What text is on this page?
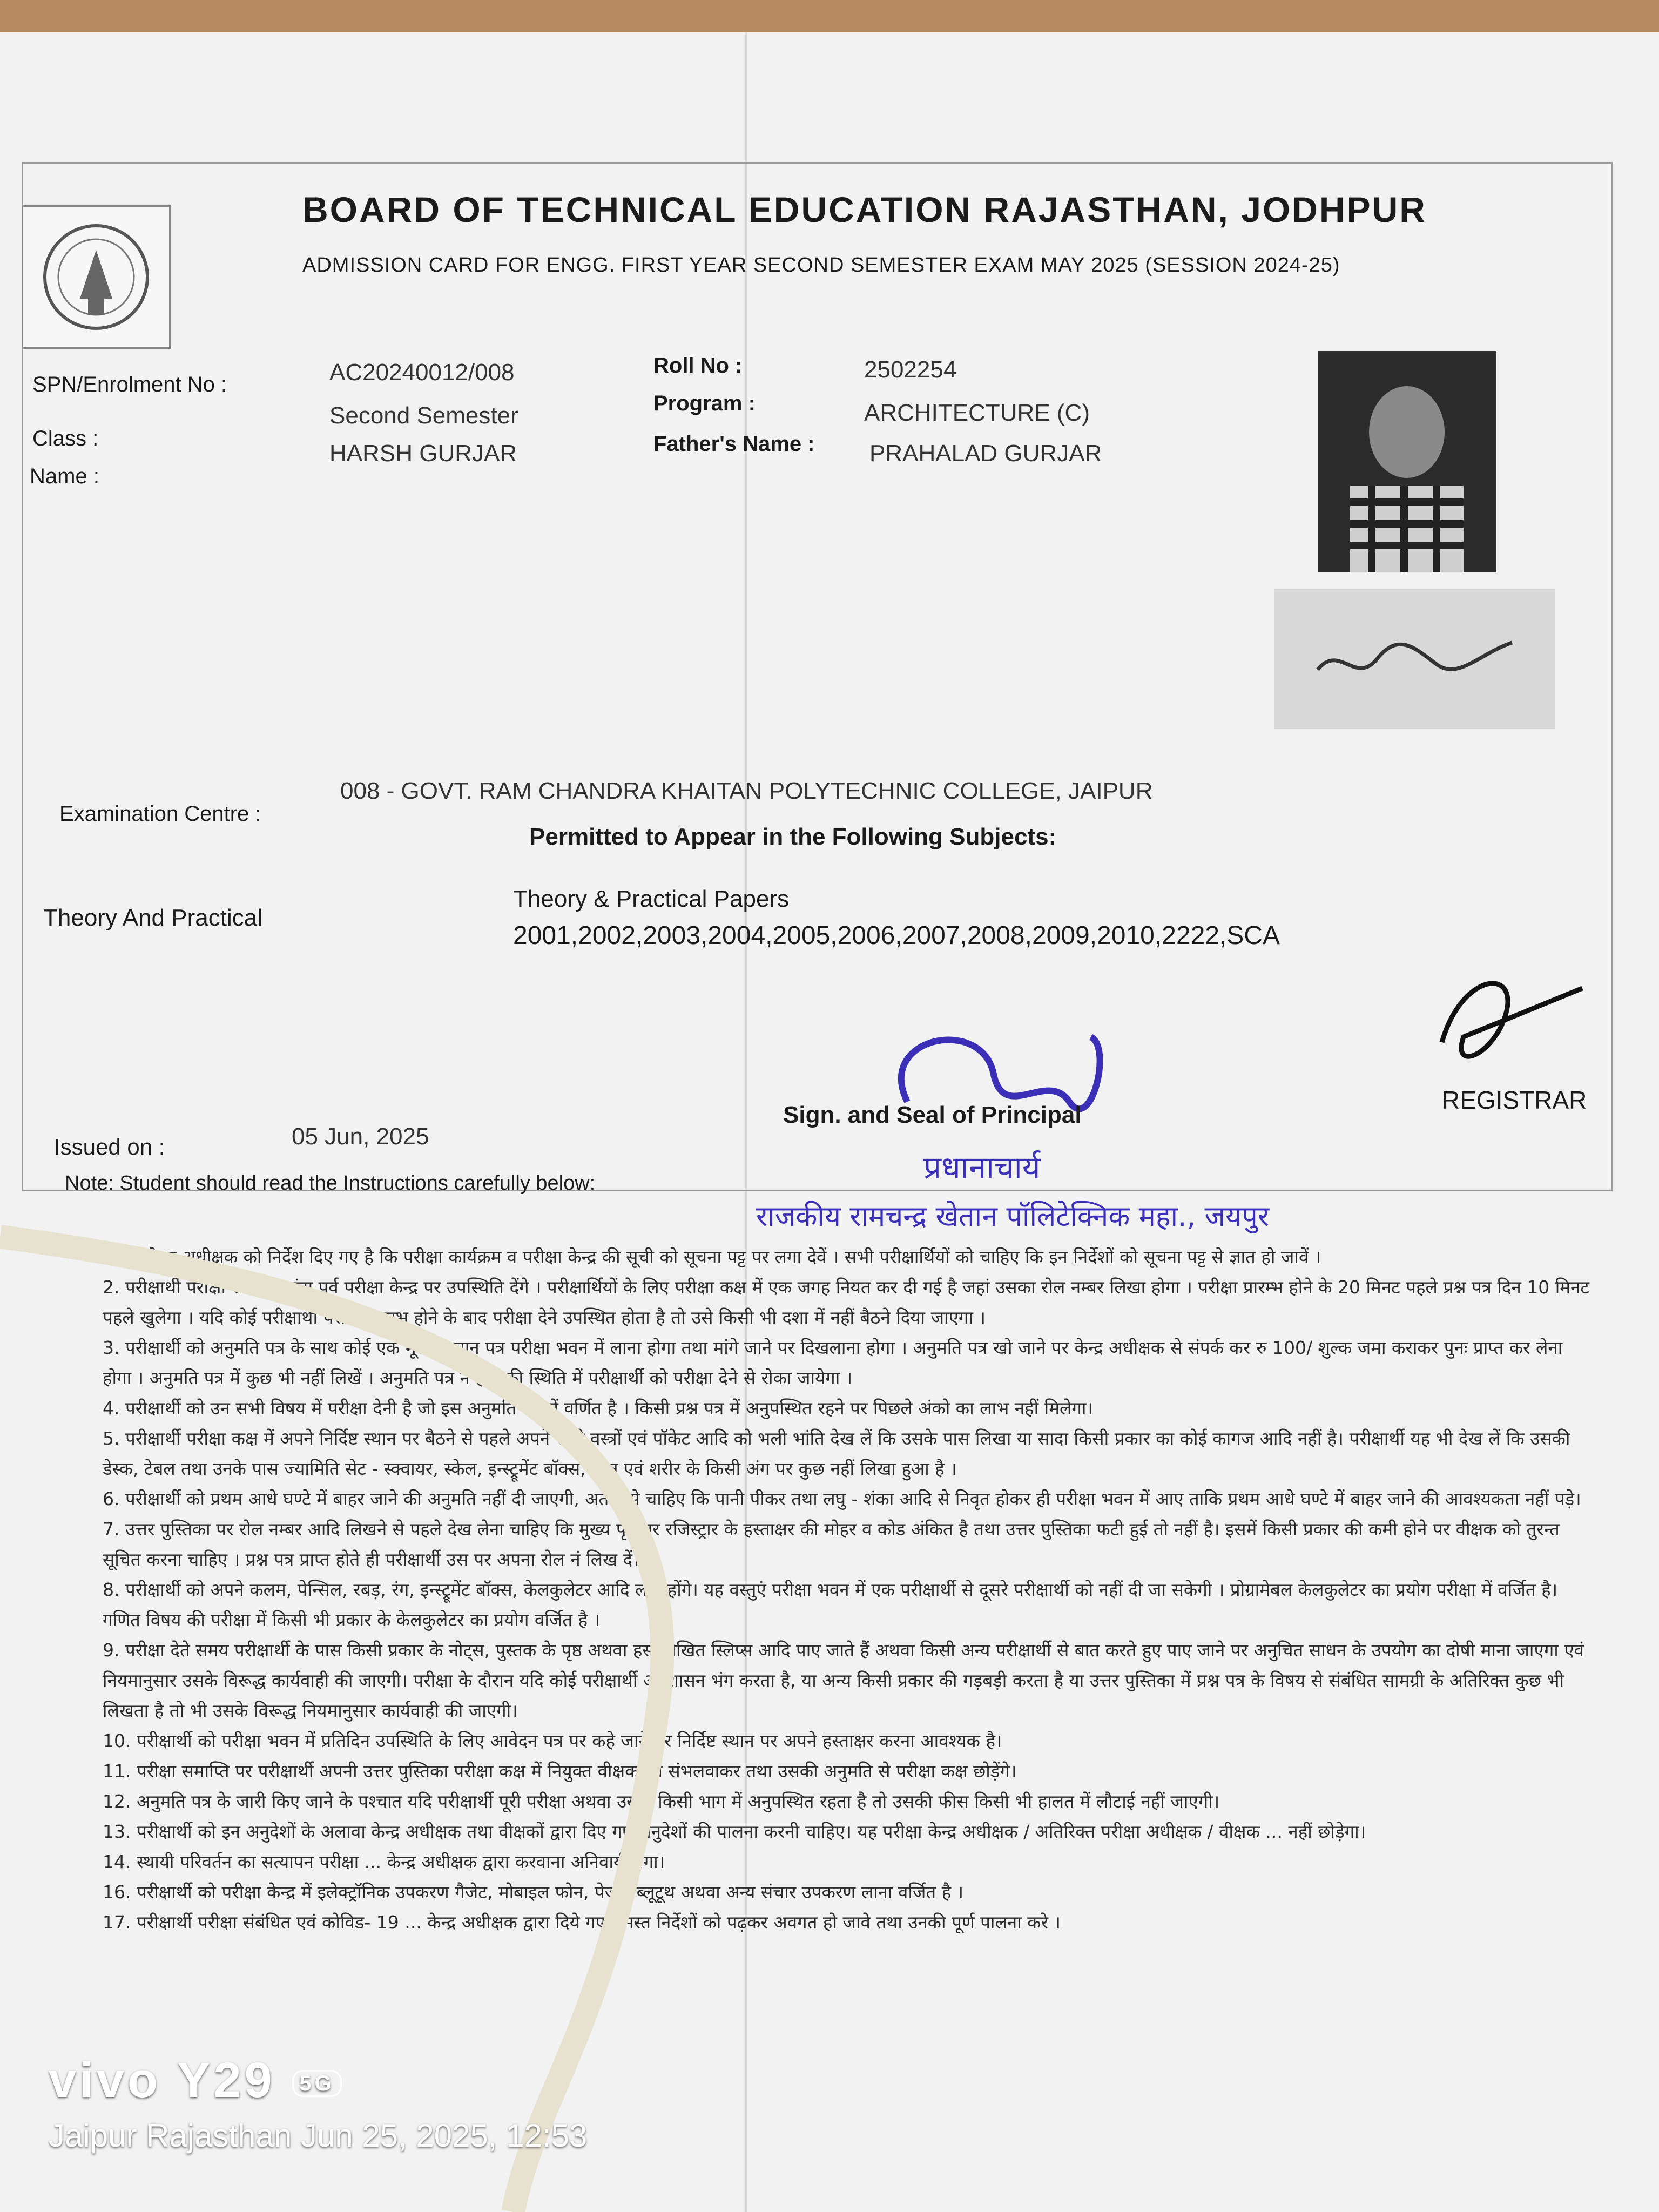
BOARD OF TECHNICAL EDUCATION RAJASTHAN, JODHPUR
ADMISSION CARD FOR ENGG. FIRST YEAR SECOND SEMESTER EXAM MAY 2025 (SESSION 2024-25)
SPN/Enrolment No :	AC20240012/008
Class :
Second Semester
Name :
HARSH GURJAR
Roll No :	2502254
Program :	ARCHITECTURE (C)
Father's Name : PRAHALAD GURJAR
Examination Centre :
008 - GOVT. RAM CHANDRA KHAITAN POLYTECHNIC COLLEGE, JAIPUR
Permitted to Appear in the Following Subjects:
Theory And Practical
Theory & Practical Papers
2001,2002,2003,2004,2005,2006,2007,2008,2009,2010,2222,SCA
Issued on :	05 Jun, 2025
Sign. and Seal of Principal
प्रधानाचार्य
राजकीय रामचन्द्र खेतान पॉलिटेक्निक महा., जयपुर
REGISTRAR
Note: Student should read the Instructions carefully below:

परीक्षा केन्द्र अधीक्षक को निर्देश दिए गए है कि परीक्षा कार्यक्रम व परीक्षा केन्द्र की सूची को सूचना पट्ट पर लगा देवें । सभी परीक्षार्थियों को चाहिए कि इन निर्देशों को सूचना पट्ट से ज्ञात हो जावें ।

2. परीक्षार्थी परीक्षा से आधा घंटा पूर्व परीक्षा केन्द्र पर उपस्थिति देंगे । परीक्षार्थियों के लिए परीक्षा कक्ष में एक जगह नियत कर दी गई है जहां उसका रोल नम्बर लिखा होगा । परीक्षा प्रारम्भ होने के 20 मिनट पहले प्रश्न पत्र दिन 10 मिनट पहले खुलेगा । यदि कोई परीक्षार्थी परीक्षा प्रारम्भ होने के बाद परीक्षा देने उपस्थित होता है तो उसे किसी भी दशा में नहीं बैठने दिया जाएगा ।

3. परीक्षार्थी को अनुमति पत्र के साथ कोई एक मूल पहचान पत्र परीक्षा भवन में लाना होगा तथा मांगे जाने पर दिखलाना होगा । अनुमति पत्र खो जाने पर केन्द्र अधीक्षक से संपर्क कर रु 100/ शुल्क जमा कराकर पुनः प्राप्त कर लेना होगा । अनुमति पत्र में कुछ भी नहीं लिखें । अनुमति पत्र न होने की स्थिति में परीक्षार्थी को परीक्षा देने से रोका जायेगा ।

4. परीक्षार्थी को उन सभी विषय में परीक्षा देनी है जो इस अनुमति पत्र में वर्णित है । किसी प्रश्न पत्र में अनुपस्थित रहने पर पिछले अंको का लाभ नहीं मिलेगा।

5. परीक्षार्थी परीक्षा कक्ष में अपने निर्दिष्ट स्थान पर बैठने से पहले अपने सभी वस्त्रों एवं पॉकेट आदि को भली भांति देख लें कि उसके पास लिखा या सादा किसी प्रकार का कोई कागज आदि नहीं है। परीक्षार्थी यह भी देख लें कि उसकी डेस्क, टेबल तथा उनके पास ज्यामिति सेट - स्क्वायर, स्केल, इन्स्ट्रूमेंट बॉक्स, वस्त्र एवं शरीर के किसी अंग पर कुछ नहीं लिखा हुआ है ।

6. परीक्षार्थी को प्रथम आधे घण्टे में बाहर जाने की अनुमति नहीं दी जाएगी, अतः उसे चाहिए कि पानी पीकर तथा लघु - शंका आदि से निवृत होकर ही परीक्षा भवन में आए ताकि प्रथम आधे घण्टे में बाहर जाने की आवश्यकता नहीं पड़े।

7. उत्तर पुस्तिका पर रोल नम्बर आदि लिखने से पहले देख लेना चाहिए कि मुख्य पृष्ठ पर रजिस्ट्रार के हस्ताक्षर की मोहर व कोड अंकित है तथा उत्तर पुस्तिका फटी हुई तो नहीं है। इसमें किसी प्रकार की कमी होने पर वीक्षक को तुरन्त सूचित करना चाहिए । प्रश्न पत्र प्राप्त होते ही परीक्षार्थी उस पर अपना रोल नं लिख दें।

8. परीक्षार्थी को अपने कलम, पेन्सिल, रबड़, रंग, इन्स्ट्रूमेंट बॉक्स, केलकुलेटर आदि लाने होंगे। यह वस्तुएं परीक्षा भवन में एक परीक्षार्थी से दूसरे परीक्षार्थी को नहीं दी जा सकेगी । प्रोग्रामेबल केलकुलेटर का प्रयोग परीक्षा में वर्जित है। गणित विषय की परीक्षा में किसी भी प्रकार के केलकुलेटर का प्रयोग वर्जित है ।

9. परीक्षा देते समय परीक्षार्थी के पास किसी प्रकार के नोट्स, पुस्तक के पृष्ठ अथवा हस्तलिखित स्लिप्स आदि पाए जाते हैं अथवा किसी अन्य परीक्षार्थी से बात करते हुए पाए जाने पर अनुचित साधन के उपयोग का दोषी माना जाएगा एवं नियमानुसार उसके विरूद्ध कार्यवाही की जाएगी। परीक्षा के दौरान यदि कोई परीक्षार्थी अनुशासन भंग करता है, या अन्य किसी प्रकार की गड़बड़ी करता है या उत्तर पुस्तिका में प्रश्न पत्र के विषय से संबंधित सामग्री के अतिरिक्त कुछ भी लिखता है तो भी उसके विरूद्ध नियमानुसार कार्यवाही की जाएगी।

10. परीक्षार्थी को परीक्षा भवन में प्रतिदिन उपस्थिति के लिए आवेदन पत्र पर कहे जाने पर निर्दिष्ट स्थान पर अपने हस्ताक्षर करना आवश्यक है।

11. परीक्षा समाप्ति पर परीक्षार्थी अपनी उत्तर पुस्तिका परीक्षा कक्ष में नियुक्त वीक्षक को संभलवाकर तथा उसकी अनुमति से परीक्षा कक्ष छोड़ेंगे।

12. अनुमति पत्र के जारी किए जाने के पश्चात यदि परीक्षार्थी पूरी परीक्षा अथवा उसके किसी भाग में अनुपस्थित रहता है तो उसकी फीस किसी भी हालत में लौटाई नहीं जाएगी।

13. परीक्षार्थी को इन अनुदेशों के अलावा केन्द्र अधीक्षक तथा वीक्षकों द्वारा दिए गए अनुदेशों की पालना करनी चाहिए। यह परीक्षा केन्द्र अधीक्षक / अतिरिक्त परीक्षा अधीक्षक / वीक्षक ... नहीं छोड़ेगा।

14. स्थायी परिवर्तन का सत्यापन परीक्षा ... केन्द्र अधीक्षक द्वारा करवाना अनिवार्य होगा।

16. परीक्षार्थी को परीक्षा केन्द्र में इलेक्ट्रॉनिक उपकरण गैजेट, मोबाइल फोन, पेजर, ब्लूटूथ अथवा अन्य संचार उपकरण लाना वर्जित है ।

17. परीक्षार्थी परीक्षा संबंधित एवं कोविड- 19 ... केन्द्र अधीक्षक द्वारा दिये गए समस्त निर्देशों को पढ़कर अवगत हो जावे तथा उनकी पूर्ण पालना करे ।

vivo Y29 5G
Jaipur Rajasthan Jun 25, 2025, 12:53
